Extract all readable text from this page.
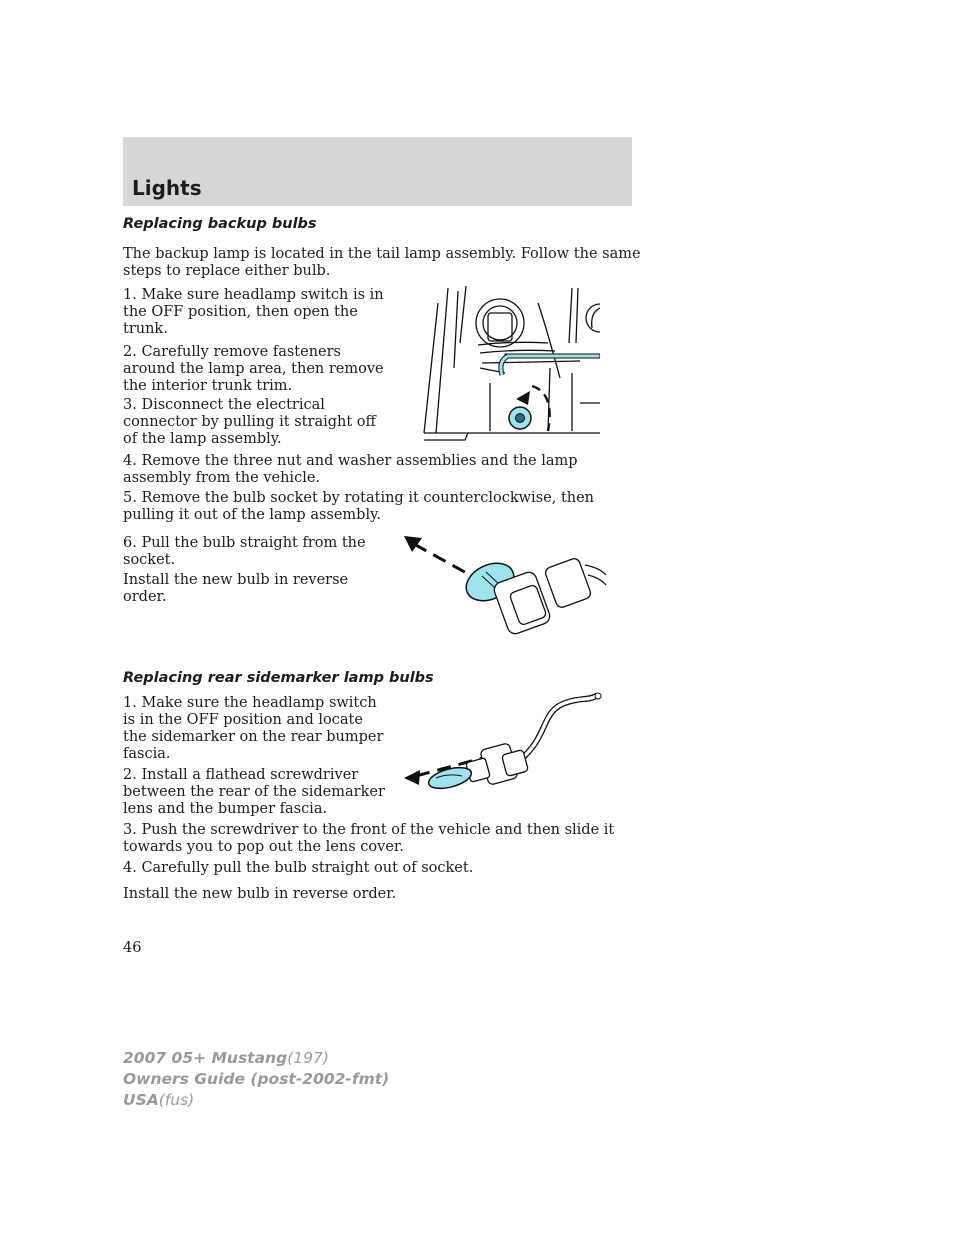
Lights
Replacing backup bulbs

The backup lamp is located in the tail lamp assembly. Follow the same steps to replace either bulb.

1. Make sure headlamp switch is in the OFF position, then open the trunk.

2. Carefully remove fasteners around the lamp area, then remove the interior trunk trim.

3. Disconnect the electrical connector by pulling it straight off of the lamp assembly.

4. Remove the three nut and washer assemblies and the lamp assembly from the vehicle.

5. Remove the bulb socket by rotating it counterclockwise, then pulling it out of the lamp assembly.

6. Pull the bulb straight from the socket.

Install the new bulb in reverse order.

Replacing rear sidemarker lamp bulbs

1. Make sure the headlamp switch is in the OFF position and locate the sidemarker on the rear bumper fascia.

2. Install a flathead screwdriver between the rear of the sidemarker lens and the bumper fascia.

3. Push the screwdriver to the front of the vehicle and then slide it towards you to pop out the lens cover.

4. Carefully pull the bulb straight out of socket.

Install the new bulb in reverse order.

46

2007 05+ Mustang(197)
Owners Guide (post-2002-fmt)
USA(fus)
